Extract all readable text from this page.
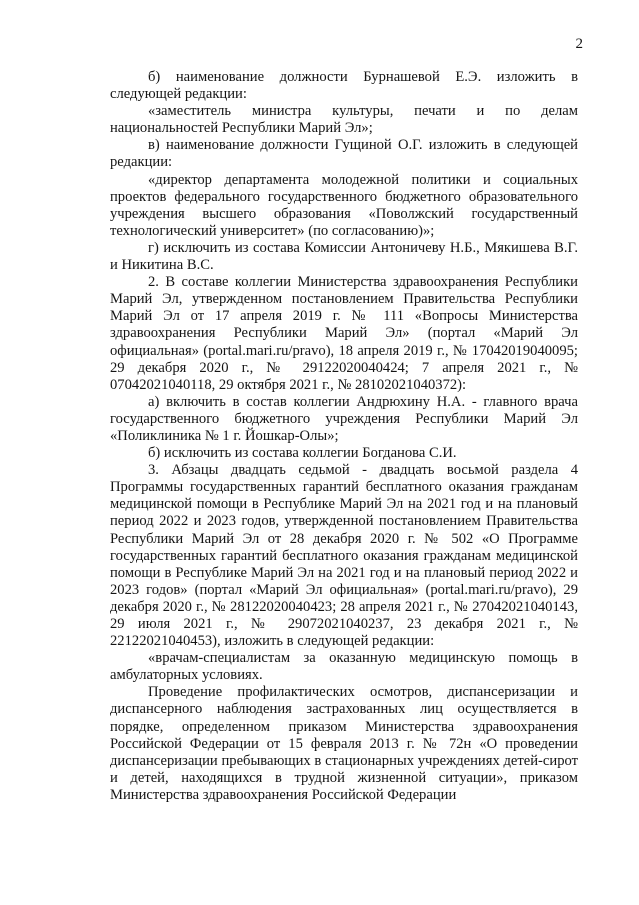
2

б) наименование должности Бурнашевой Е.Э. изложить в следующей редакции:

«заместитель министра культуры, печати и по делам национальностей Республики Марий Эл»;

в) наименование должности Гущиной О.Г. изложить в следующей редакции:

«директор департамента молодежной политики и социальных проектов федерального государственного бюджетного образовательного учреждения высшего образования «Поволжский государственный технологический университет» (по согласованию)»;

г) исключить из состава Комиссии Антоничеву Н.Б., Мякишева В.Г. и Никитина В.С.

2. В составе коллегии Министерства здравоохранения Республики Марий Эл, утвержденном постановлением Правительства Республики Марий Эл от 17 апреля 2019 г. № 111 «Вопросы Министерства здравоохранения Республики Марий Эл» (портал «Марий Эл официальная» (portal.mari.ru/pravo), 18 апреля 2019 г., № 17042019040095; 29 декабря 2020 г., № 29122020040424; 7 апреля 2021 г., № 07042021040118, 29 октября 2021 г., № 28102021040372):

а) включить в состав коллегии Андрюхину Н.А. - главного врача государственного бюджетного учреждения Республики Марий Эл «Поликлиника № 1 г. Йошкар-Олы»;

б) исключить из состава коллегии Богданова С.И.

3. Абзацы двадцать седьмой - двадцать восьмой раздела 4 Программы государственных гарантий бесплатного оказания гражданам медицинской помощи в Республике Марий Эл на 2021 год и на плановый период 2022 и 2023 годов, утвержденной постановлением Правительства Республики Марий Эл от 28 декабря 2020 г. № 502 «О Программе государственных гарантий бесплатного оказания гражданам медицинской помощи в Республике Марий Эл на 2021 год и на плановый период 2022 и 2023 годов» (портал «Марий Эл официальная» (portal.mari.ru/pravo), 29 декабря 2020 г., № 28122020040423; 28 апреля 2021 г., № 27042021040143, 29 июля 2021 г., № 29072021040237, 23 декабря 2021 г., № 22122021040453), изложить в следующей редакции:

«врачам-специалистам за оказанную медицинскую помощь в амбулаторных условиях.

Проведение профилактических осмотров, диспансеризации и диспансерного наблюдения застрахованных лиц осуществляется в порядке, определенном приказом Министерства здравоохранения Российской Федерации от 15 февраля 2013 г. № 72н «О проведении диспансеризации пребывающих в стационарных учреждениях детей-сирот и детей, находящихся в трудной жизненной ситуации», приказом Министерства здравоохранения Российской Федерации
